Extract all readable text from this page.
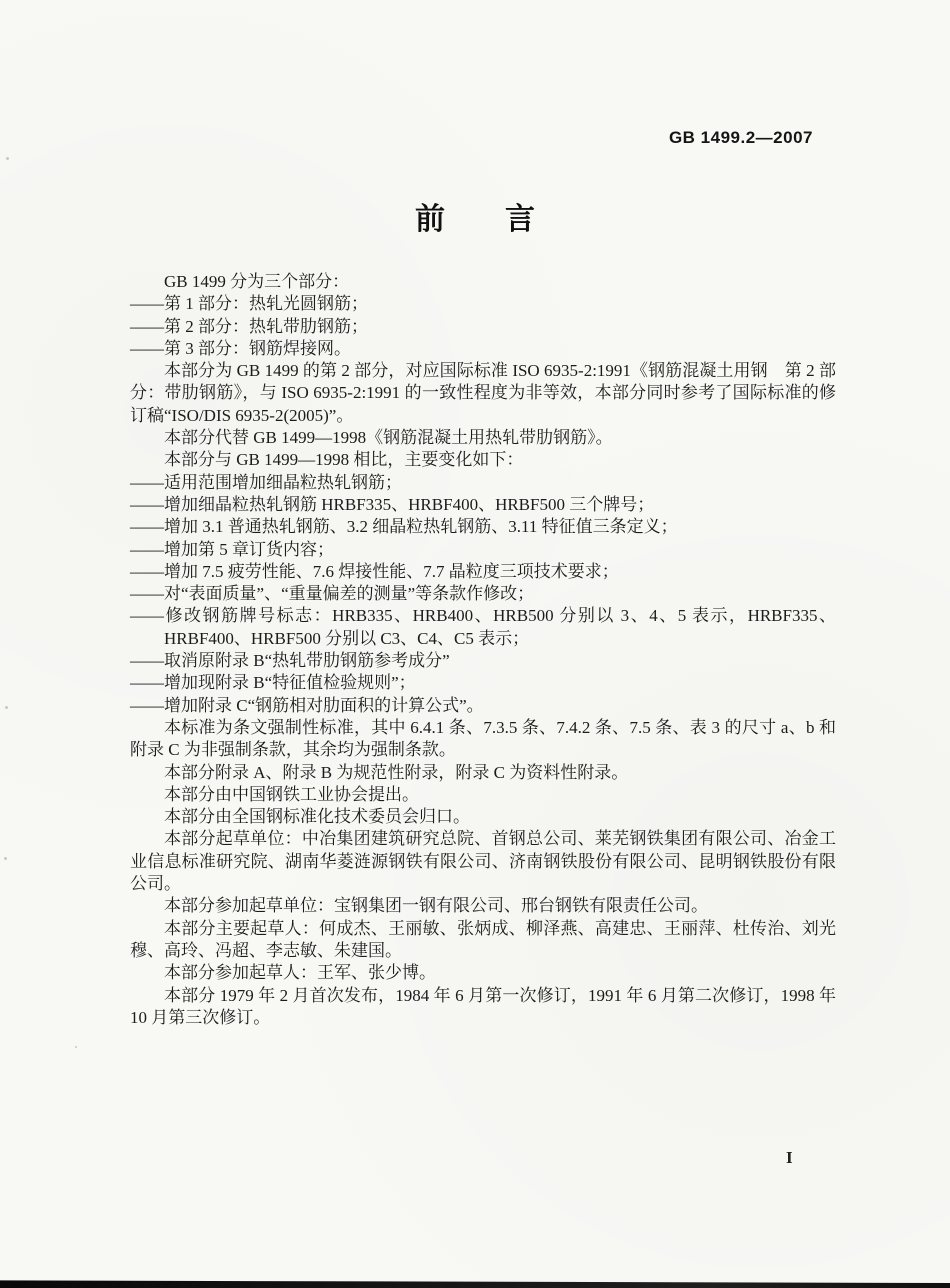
GB 1499.2—2007
前　　言

GB 1499 分为三个部分：

——第 1 部分：热轧光圆钢筋；

——第 2 部分：热轧带肋钢筋；

——第 3 部分：钢筋焊接网。

本部分为 GB 1499 的第 2 部分，对应国际标准 ISO 6935-2:1991《钢筋混凝土用钢　第 2 部分：带肋钢筋》，与 ISO 6935-2:1991 的一致性程度为非等效，本部分同时参考了国际标准的修订稿“ISO/DIS 6935-2(2005)”。

本部分代替 GB 1499—1998《钢筋混凝土用热轧带肋钢筋》。

本部分与 GB 1499—1998 相比，主要变化如下：

——适用范围增加细晶粒热轧钢筋；

——增加细晶粒热轧钢筋 HRBF335、HRBF400、HRBF500 三个牌号；

——增加 3.1 普通热轧钢筋、3.2 细晶粒热轧钢筋、3.11 特征值三条定义；

——增加第 5 章订货内容；

——增加 7.5 疲劳性能、7.6 焊接性能、7.7 晶粒度三项技术要求；

——对“表面质量”、“重量偏差的测量”等条款作修改；

——修改钢筋牌号标志：HRB335、HRB400、HRB500 分别以 3、4、5 表示，HRBF335、HRBF400、HRBF500 分别以 C3、C4、C5 表示；

——取消原附录 B“热轧带肋钢筋参考成分”

——增加现附录 B“特征值检验规则”；

——增加附录 C“钢筋相对肋面积的计算公式”。

本标准为条文强制性标准，其中 6.4.1 条、7.3.5 条、7.4.2 条、7.5 条、表 3 的尺寸 a、b 和附录 C 为非强制条款，其余均为强制条款。

本部分附录 A、附录 B 为规范性附录，附录 C 为资料性附录。

本部分由中国钢铁工业协会提出。

本部分由全国钢标准化技术委员会归口。

本部分起草单位：中冶集团建筑研究总院、首钢总公司、莱芜钢铁集团有限公司、冶金工业信息标准研究院、湖南华菱涟源钢铁有限公司、济南钢铁股份有限公司、昆明钢铁股份有限公司。

本部分参加起草单位：宝钢集团一钢有限公司、邢台钢铁有限责任公司。

本部分主要起草人：何成杰、王丽敏、张炳成、柳泽燕、高建忠、王丽萍、杜传治、刘光穆、高玲、冯超、李志敏、朱建国。

本部分参加起草人：王军、张少博。

本部分 1979 年 2 月首次发布，1984 年 6 月第一次修订，1991 年 6 月第二次修订，1998 年 10 月第三次修订。

I
